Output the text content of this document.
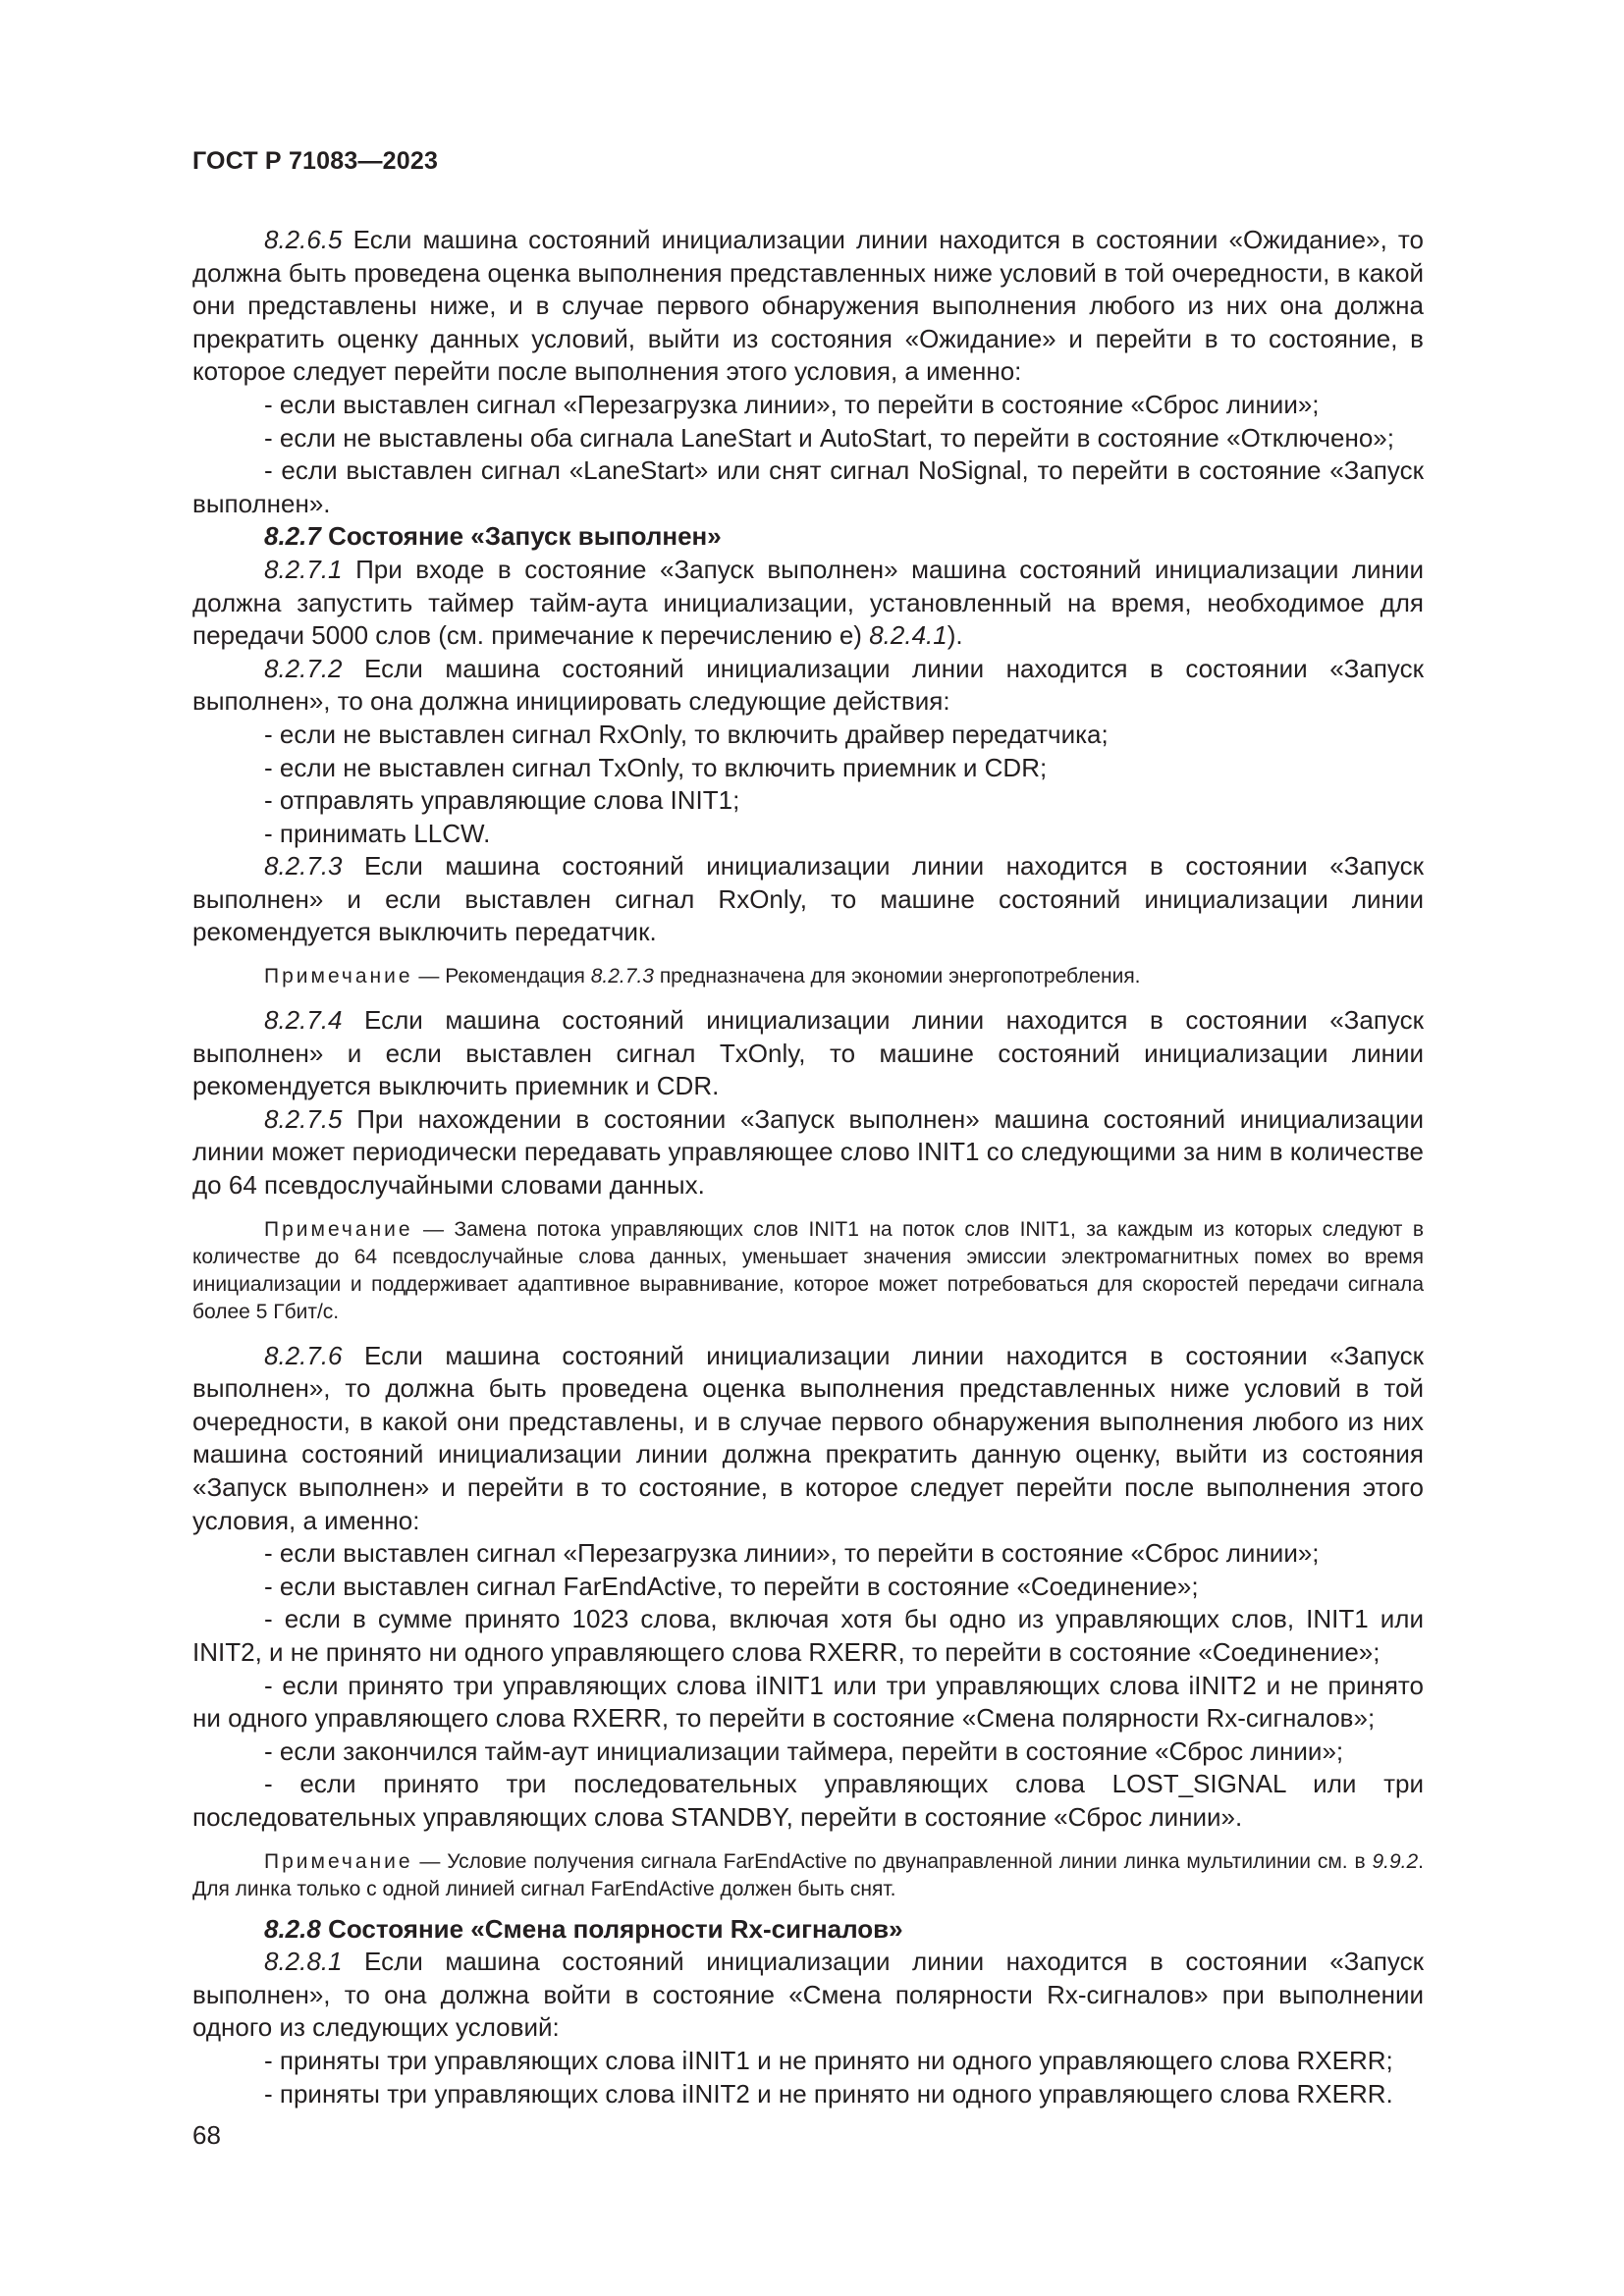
ГОСТ Р 71083—2023

8.2.6.5 Если машина состояний инициализации линии находится в состоянии «Ожидание», то должна быть проведена оценка выполнения представленных ниже условий в той очередности, в какой они представлены ниже, и в случае первого обнаружения выполнения любого из них она должна прекратить оценку данных условий, выйти из состояния «Ожидание» и перейти в то состояние, в которое следует перейти после выполнения этого условия, а именно:

- если выставлен сигнал «Перезагрузка линии», то перейти в состояние «Сброс линии»;

- если не выставлены оба сигнала LaneStart и AutoStart, то перейти в состояние «Отключено»;

- если выставлен сигнал «LaneStart» или снят сигнал NoSignal, то перейти в состояние «Запуск выполнен».

8.2.7 Состояние «Запуск выполнен»

8.2.7.1 При входе в состояние «Запуск выполнен» машина состояний инициализации линии должна запустить таймер тайм-аута инициализации, установленный на время, необходимое для передачи 5000 слов (см. примечание к перечислению е) 8.2.4.1).

8.2.7.2 Если машина состояний инициализации линии находится в состоянии «Запуск выполнен», то она должна инициировать следующие действия:

- если не выставлен сигнал RxOnly, то включить драйвер передатчика;

- если не выставлен сигнал TxOnly, то включить приемник и CDR;

- отправлять управляющие слова INIT1;

- принимать LLCW.

8.2.7.3 Если машина состояний инициализации линии находится в состоянии «Запуск выполнен» и если выставлен сигнал RxOnly, то машине состояний инициализации линии рекомендуется выключить передатчик.

Примечание — Рекомендация 8.2.7.3 предназначена для экономии энергопотребления.

8.2.7.4 Если машина состояний инициализации линии находится в состоянии «Запуск выполнен» и если выставлен сигнал TxOnly, то машине состояний инициализации линии рекомендуется выключить приемник и CDR.

8.2.7.5 При нахождении в состоянии «Запуск выполнен» машина состояний инициализации линии может периодически передавать управляющее слово INIT1 со следующими за ним в количестве до 64 псевдослучайными словами данных.

Примечание — Замена потока управляющих слов INIT1 на поток слов INIT1, за каждым из которых следуют в количестве до 64 псевдослучайные слова данных, уменьшает значения эмиссии электромагнитных помех во время инициализации и поддерживает адаптивное выравнивание, которое может потребоваться для скоростей передачи сигнала более 5 Гбит/с.

8.2.7.6 Если машина состояний инициализации линии находится в состоянии «Запуск выполнен», то должна быть проведена оценка выполнения представленных ниже условий в той очередности, в какой они представлены, и в случае первого обнаружения выполнения любого из них машина состояний инициализации линии должна прекратить данную оценку, выйти из состояния «Запуск выполнен» и перейти в то состояние, в которое следует перейти после выполнения этого условия, а именно:

- если выставлен сигнал «Перезагрузка линии», то перейти в состояние «Сброс линии»;

- если выставлен сигнал FarEndActive, то перейти в состояние «Соединение»;

- если в сумме принято 1023 слова, включая хотя бы одно из управляющих слов, INIT1 или INIT2, и не принято ни одного управляющего слова RXERR, то перейти в состояние «Соединение»;

- если принято три управляющих слова iINIT1 или три управляющих слова iINIT2 и не принято ни одного управляющего слова RXERR, то перейти в состояние «Смена полярности Rx-сигналов»;

- если закончился тайм-аут инициализации таймера, перейти в состояние «Сброс линии»;

- если принято три последовательных управляющих слова LOST_SIGNAL или три последовательных управляющих слова STANDBY, перейти в состояние «Сброс линии».

Примечание — Условие получения сигнала FarEndActive по двунаправленной линии линка мультилинии см. в 9.9.2. Для линка только с одной линией сигнал FarEndActive должен быть снят.

8.2.8 Состояние «Смена полярности Rx-сигналов»

8.2.8.1 Если машина состояний инициализации линии находится в состоянии «Запуск выполнен», то она должна войти в состояние «Смена полярности Rx-сигналов» при выполнении одного из следующих условий:

- приняты три управляющих слова iINIT1 и не принято ни одного управляющего слова RXERR;

- приняты три управляющих слова iINIT2 и не принято ни одного управляющего слова RXERR.

68
